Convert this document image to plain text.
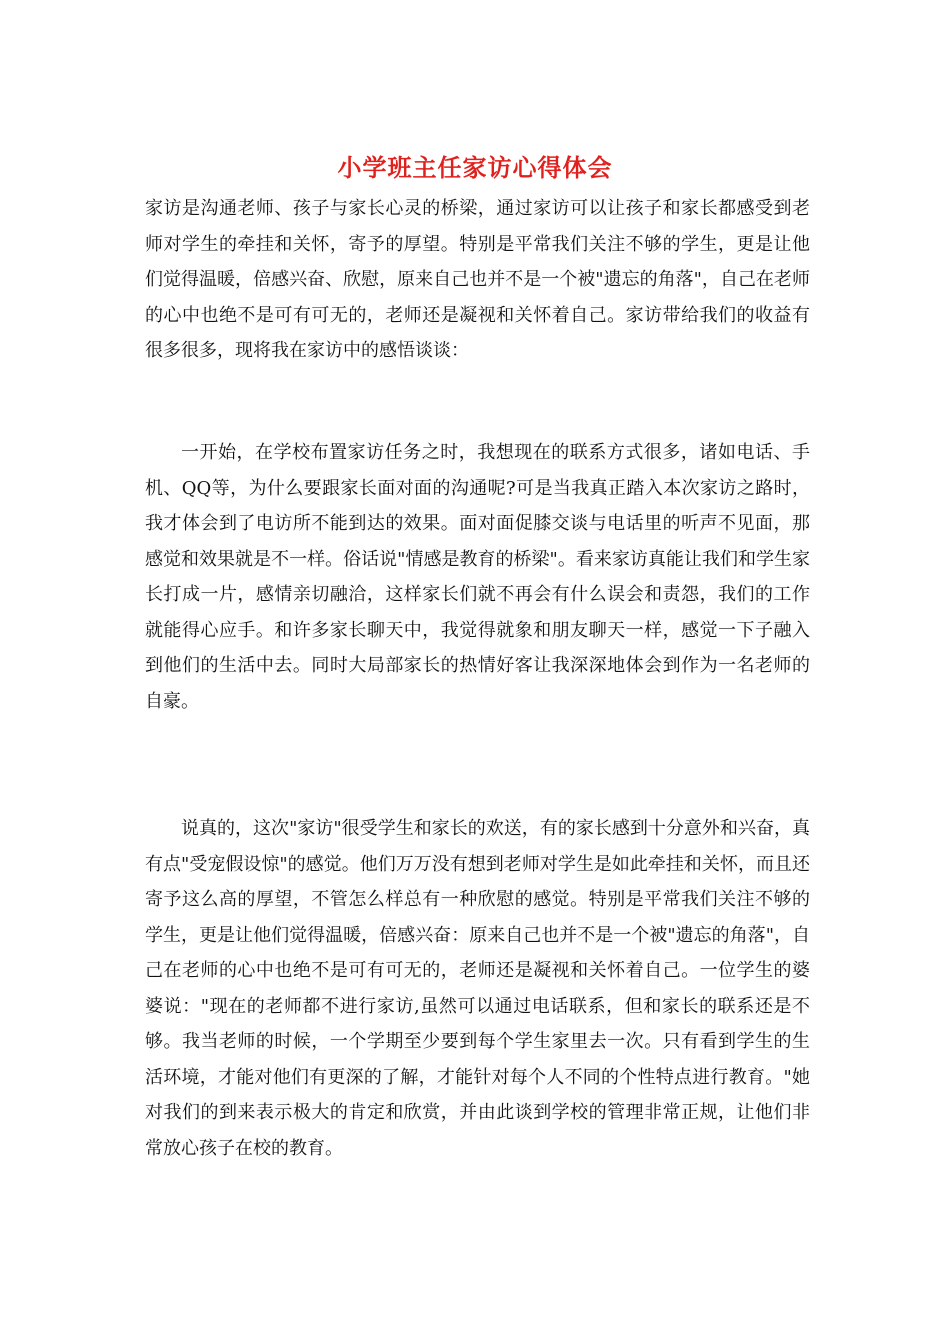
小学班主任家访心得体会
家访是沟通老师、孩子与家长心灵的桥梁，通过家访可以让孩子和家长都感受到老师对学生的牵挂和关怀，寄予的厚望。特别是平常我们关注不够的学生，更是让他们觉得温暖，倍感兴奋、欣慰，原来自己也并不是一个被"遗忘的角落"，自己在老师的心中也绝不是可有可无的，老师还是凝视和关怀着自己。家访带给我们的收益有很多很多，现将我在家访中的感悟谈谈：
一开始，在学校布置家访任务之时，我想现在的联系方式很多，诸如电话、手机、QQ等，为什么要跟家长面对面的沟通呢?可是当我真正踏入本次家访之路时，我才体会到了电访所不能到达的效果。面对面促膝交谈与电话里的听声不见面，那感觉和效果就是不一样。俗话说"情感是教育的桥梁"。看来家访真能让我们和学生家长打成一片，感情亲切融洽，这样家长们就不再会有什么误会和责怨，我们的工作就能得心应手。和许多家长聊天中，我觉得就象和朋友聊天一样，感觉一下子融入到他们的生活中去。同时大局部家长的热情好客让我深深地体会到作为一名老师的自豪。
说真的，这次"家访"很受学生和家长的欢送，有的家长感到十分意外和兴奋，真有点"受宠假设惊"的感觉。他们万万没有想到老师对学生是如此牵挂和关怀，而且还寄予这么高的厚望，不管怎么样总有一种欣慰的感觉。特别是平常我们关注不够的学生，更是让他们觉得温暖，倍感兴奋：原来自己也并不是一个被"遗忘的角落"，自己在老师的心中也绝不是可有可无的，老师还是凝视和关怀着自己。一位学生的婆婆说："现在的老师都不进行家访,虽然可以通过电话联系，但和家长的联系还是不够。我当老师的时候，一个学期至少要到每个学生家里去一次。只有看到学生的生活环境，才能对他们有更深的了解，才能针对每个人不同的个性特点进行教育。"她对我们的到来表示极大的肯定和欣赏，并由此谈到学校的管理非常正规，让他们非常放心孩子在校的教育。
